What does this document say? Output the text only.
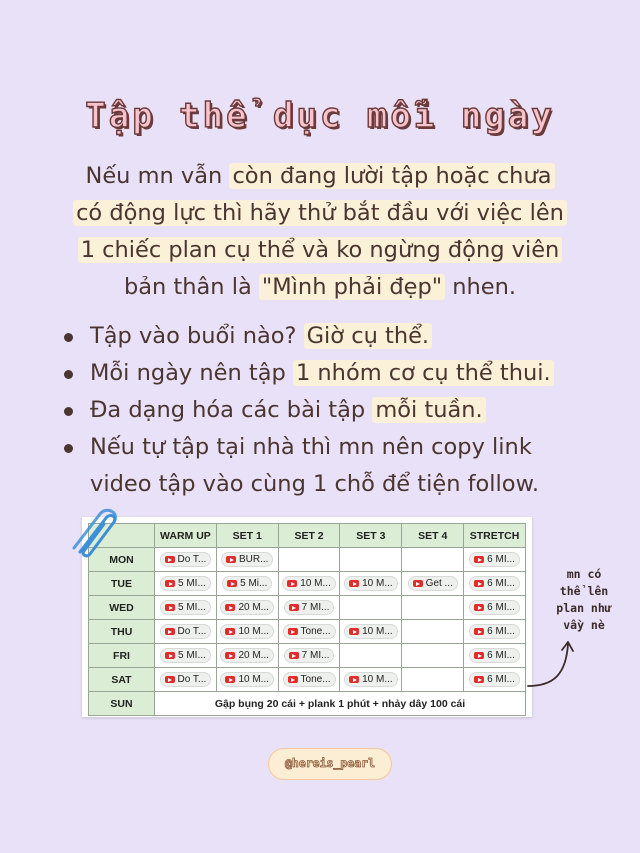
Tập thể dục mỗi ngày
Nếu mn vẫn còn đang lười tập hoặc chưa
có động lực thì hãy thử bắt đầu với việc lên
1 chiếc plan cụ thể và ko ngừng động viên
bản thân là "Mình phải đẹp" nhen.
Tập vào buổi nào? Giờ cụ thể.
Mỗi ngày nên tập 1 nhóm cơ cụ thể thui.
Đa dạng hóa các bài tập mỗi tuần.
Nếu tự tập tại nhà thì mn nên copy link
video tập vào cùng 1 chỗ để tiện follow.
	WARM UP	SET 1	SET 2	SET 3	SET 4	STRETCH
MON	Do T...	BUR...				6 MI...

TUE	5 MI...	5 Mi...	10 M...	10 M...	Get ...	6 MI...

WED	5 MI...	20 M...	7 MI...			6 MI...

THU	Do T...	10 M...	Tone...	10 M...		6 MI...

FRI	5 MI...	20 M...	7 MI...			6 MI...

SAT	Do T...	10 M...	Tone...	10 M...		6 MI...

SUN	Gập bụng 20 cái + plank 1 phút + nhảy dây 100 cái					
mn có
thể lên
plan như
vầy nè
@hereis_pearl
